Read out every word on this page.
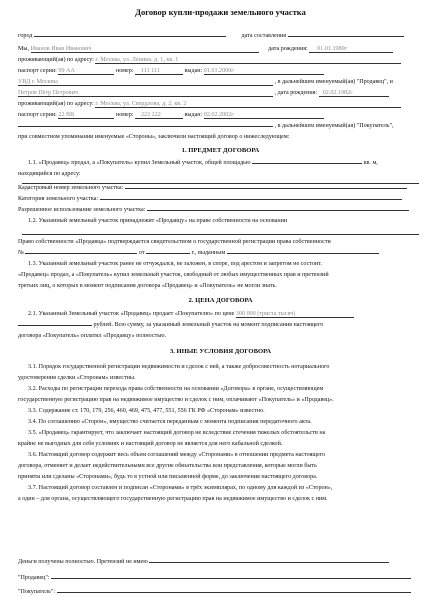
Договор купли-продажи земельного участка
город	дата составления
Мы, Иванов Иван Иванович	дата рождения: 01.01.1980г
проживающий(ая) по адресу: г. Москва, ул. Ленина, д. 1, кв. 1
паспорт серии: 99 АА	номер: 111 111	выдан: 01.01.2000г
УВД г. Москвы	, в дальнейшем именуемый(ая) "Продавец", и
Петров Пётр Петрович	, дата рождения: 02.02.1982г
проживающий(ая) по адресу: г. Москва, ул. Свердлова, д. 2, кв. 2
паспорт серии: 22 ВВ	номер: 222 222	выдан: 02.02.2002г
, в дальнейшем именуемый(ая) "Покупатель",
при совместном упоминании именуемые «Стороны», заключили настоящий договор о нижеследующем:
1. ПРЕДМЕТ ДОГОВОРА
1.1. «Продавец» продал, а «Покупатель» купил Земельный участок, общей площадью	кв. м,
находящийся по адресу:
Кадастровый номер земельного участка:
Категория земельного участка:
Разрешенное использование земельного участка:
1.2. Указанный земельный участок принадлежит «Продавцу» на праве собственности на основании
Право собственности «Продавца» подтверждается свидетельством о государственной регистрации права собственности
№	от	г., выданным
1.3. Указанный земельный участок ранее не отчуждался, не заложен, в споре, под арестом и запретом не состоит.
«Продавец» продал, а «Покупатель» купил земельный участок, свободный от любых имущественных прав и претензий
третьих лиц, о которых в момент подписания договора «Продавец» и «Покупатель» не могли знать.
2. ЦЕНА ДОГОВОРА
2.1. Указанный Земельный участок «Продавец» продает «Покупателю» по цене 300 000 (триста тысяч)
рублей. Всю сумму, за указанный земельный участок на момент подписания настоящего
договора «Покупатель» оплатил «Продавцу» полностью.
3. ИНЫЕ УСЛОВИЯ ДОГОВОРА
3.1. Порядок государственной регистрации недвижимости и сделок с ней, а также добросовестность нотариального
удостоверения сделки «Сторонам» известны.
3.2. Расходы по регистрации перехода права собственности на основании «Договора» в органе, осуществляющем
государственную регистрацию прав на недвижимое имущество и сделок с ним, оплачивают «Покупатель» и «Продавец».
3.3. Содержание ст. 170, 179, 256, 460, 469, 475, 477, 551, 556 ГК РФ «Сторонам» известно.
3.4. По соглашению «Сторон», имущество считается переданным с момента подписания передаточного акта.
3.5. «Продавец» гарантирует, что заключает настоящий договор не вследствие стечения тяжелых обстоятельств на
крайне не выгодных для себя условиях и настоящий договор не является для него кабальной сделкой.
3.6. Настоящий договор содержит весь объем соглашений между «Сторонами» в отношении предмета настоящего
договора, отменяет и делает недействительными все другие обязательства или представления, которые могли быть
приняты или сделаны «Сторонами», будь то в устной или письменной форме, до заключения настоящего договора.
3.7. Настоящий договор составлен и подписан «Сторонами» в трёх экземплярах, по одному для каждой из «Сторон»,
а один – для органа, осуществляющего государственную регистрацию прав на недвижимое имущество и сделок с ним.
Деньги получены полностью. Претензий не имею
"Продавец":
"Покупатель":
